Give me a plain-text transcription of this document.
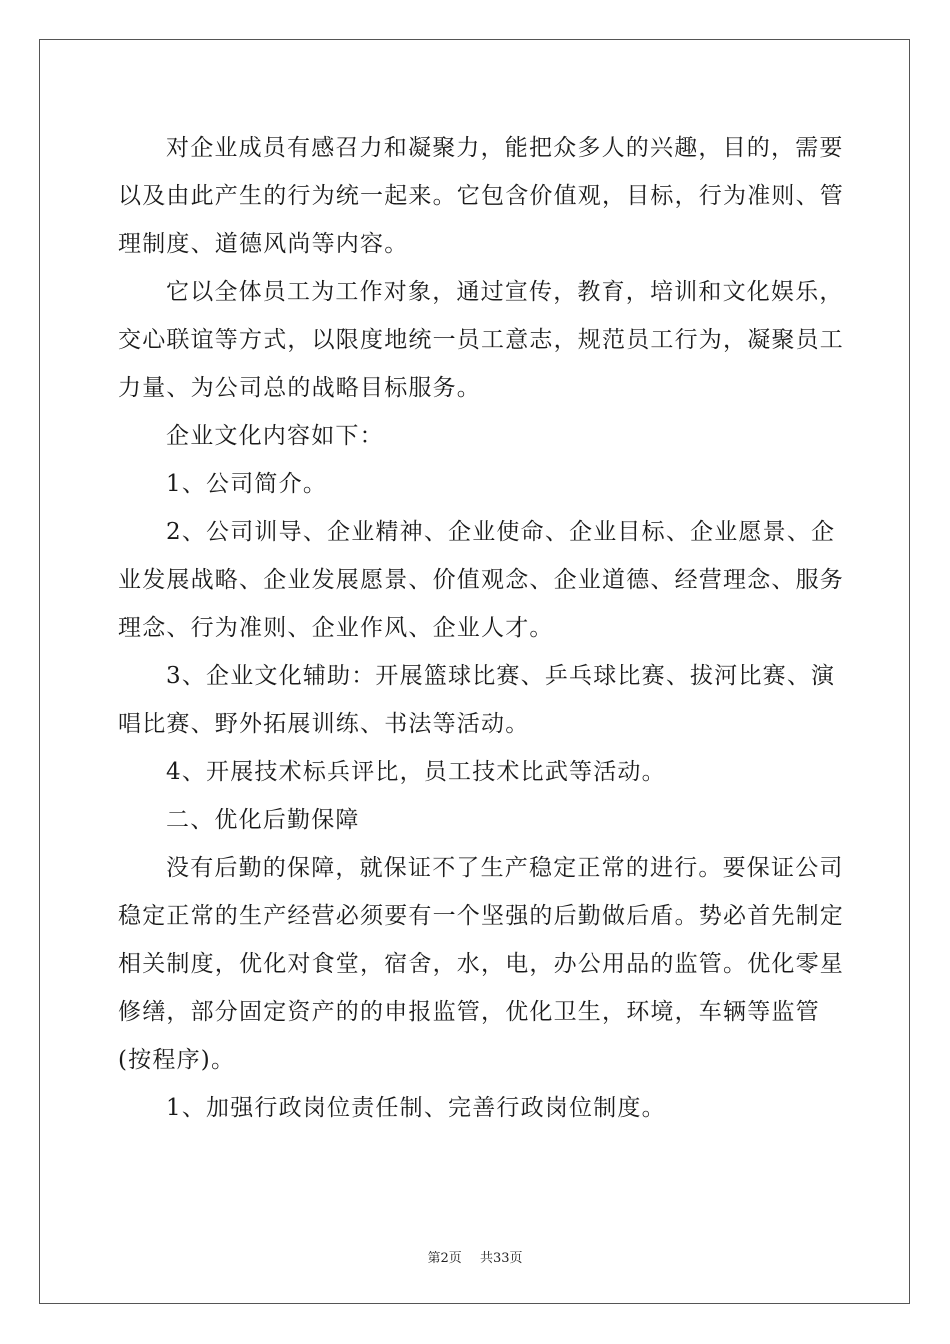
对企业成员有感召力和凝聚力，能把众多人的兴趣，目的，需要
以及由此产生的行为统一起来。它包含价值观，目标，行为准则、管
理制度、道德风尚等内容。

它以全体员工为工作对象，通过宣传，教育，培训和文化娱乐，
交心联谊等方式，以限度地统一员工意志，规范员工行为，凝聚员工
力量、为公司总的战略目标服务。

企业文化内容如下：

1、公司简介。

2、公司训导、企业精神、企业使命、企业目标、企业愿景、企
业发展战略、企业发展愿景、价值观念、企业道德、经营理念、服务
理念、行为准则、企业作风、企业人才。

3、企业文化辅助：开展篮球比赛、乒乓球比赛、拔河比赛、演
唱比赛、野外拓展训练、书法等活动。

4、开展技术标兵评比，员工技术比武等活动。

二、优化后勤保障

没有后勤的保障，就保证不了生产稳定正常的进行。要保证公司
稳定正常的生产经营必须要有一个坚强的后勤做后盾。势必首先制定
相关制度，优化对食堂，宿舍，水，电，办公用品的监管。优化零星
修缮，部分固定资产的的申报监管，优化卫生，环境，车辆等监管
(按程序)。

1、加强行政岗位责任制、完善行政岗位制度。

第2页 共33页
